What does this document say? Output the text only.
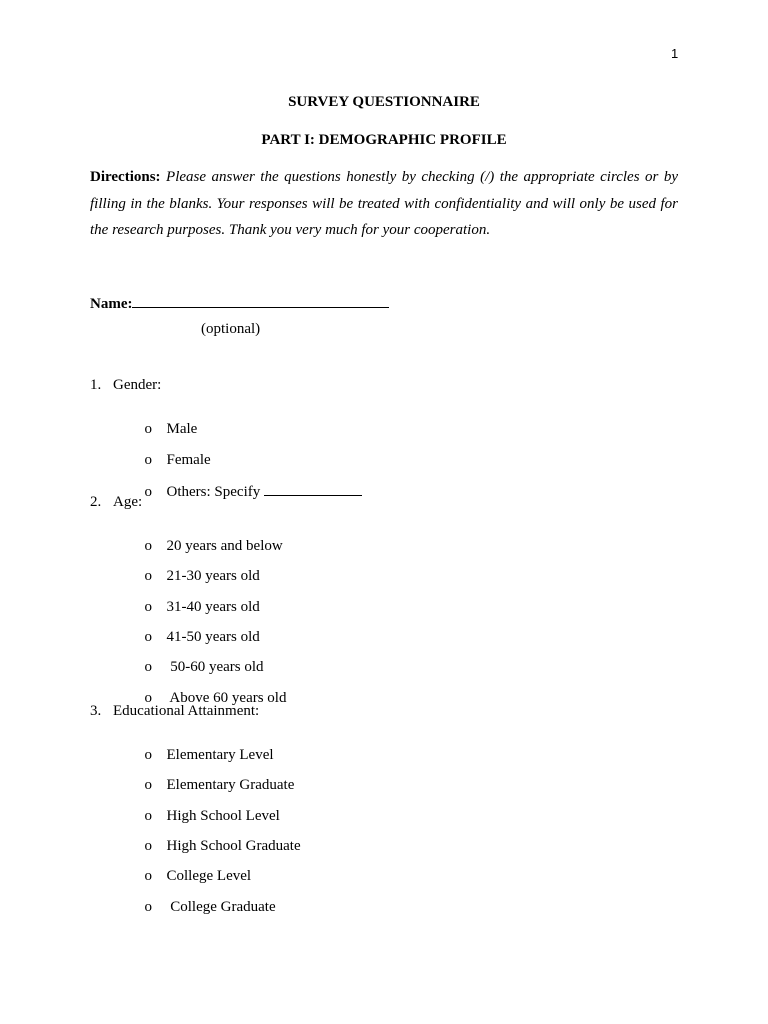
1
SURVEY QUESTIONNAIRE
PART I: DEMOGRAPHIC PROFILE
Directions: Please answer the questions honestly by checking (/) the appropriate circles or by filling in the blanks. Your responses will be treated with confidentiality and will only be used for the research purposes. Thank you very much for your cooperation.
Name:
(optional)
1. Gender:

o Male

o Female

o Others: Specify

2. Age:

o 20 years and below

o 21-30 years old

o 31-40 years old

o 41-50 years old

o 50-60 years old

o Above 60 years old

3. Educational Attainment:

o Elementary Level

o Elementary Graduate

o High School Level

o High School Graduate

o College Level

o College Graduate
